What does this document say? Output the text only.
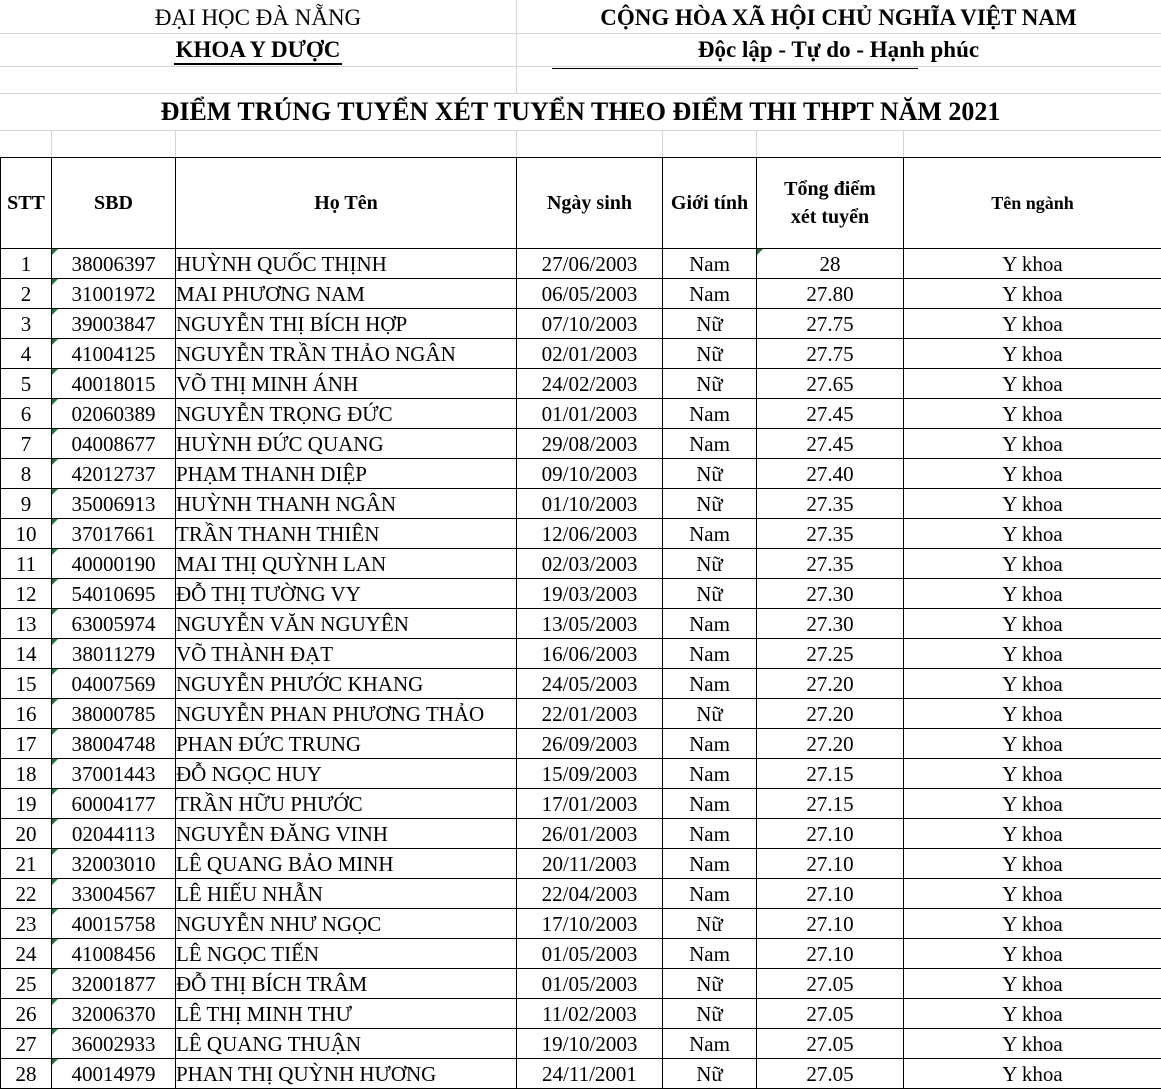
ĐẠI HỌC ĐÀ NẴNG
KHOA Y DƯỢC
CỘNG HÒA XÃ HỘI CHỦ NGHĨA VIỆT NAM
Độc lập - Tự do - Hạnh phúc
ĐIỂM TRÚNG TUYỂN XÉT TUYỂN THEO ĐIỂM THI THPT NĂM 2021
STT	SBD	Họ Tên	Ngày sinh	Giới tính	Tổng điểm
xét tuyển	Tên ngành
1	38006397	HUỲNH QUỐC THỊNH	27/06/2003	Nam	28	Y khoa
2	31001972	MAI PHƯƠNG NAM	06/05/2003	Nam	27.80	Y khoa
3	39003847	NGUYỄN THỊ BÍCH HỢP	07/10/2003	Nữ	27.75	Y khoa
4	41004125	NGUYỄN TRẦN THẢO NGÂN	02/01/2003	Nữ	27.75	Y khoa
5	40018015	VÕ THỊ MINH ÁNH	24/02/2003	Nữ	27.65	Y khoa
6	02060389	NGUYỄN TRỌNG ĐỨC	01/01/2003	Nam	27.45	Y khoa
7	04008677	HUỲNH ĐỨC QUANG	29/08/2003	Nam	27.45	Y khoa
8	42012737	PHẠM THANH DIỆP	09/10/2003	Nữ	27.40	Y khoa
9	35006913	HUỲNH THANH NGÂN	01/10/2003	Nữ	27.35	Y khoa
10	37017661	TRẦN THANH THIÊN	12/06/2003	Nam	27.35	Y khoa
11	40000190	MAI THỊ QUỲNH LAN	02/03/2003	Nữ	27.35	Y khoa
12	54010695	ĐỖ THỊ TƯỜNG VY	19/03/2003	Nữ	27.30	Y khoa
13	63005974	NGUYỄN VĂN NGUYÊN	13/05/2003	Nam	27.30	Y khoa
14	38011279	VÕ THÀNH ĐẠT	16/06/2003	Nam	27.25	Y khoa
15	04007569	NGUYỄN PHƯỚC KHANG	24/05/2003	Nam	27.20	Y khoa
16	38000785	NGUYỄN PHAN PHƯƠNG THẢO	22/01/2003	Nữ	27.20	Y khoa
17	38004748	PHAN ĐỨC TRUNG	26/09/2003	Nam	27.20	Y khoa
18	37001443	ĐỖ NGỌC HUY	15/09/2003	Nam	27.15	Y khoa
19	60004177	TRẦN HỮU PHƯỚC	17/01/2003	Nam	27.15	Y khoa
20	02044113	NGUYỄN ĐĂNG VINH	26/01/2003	Nam	27.10	Y khoa
21	32003010	LÊ QUANG BẢO MINH	20/11/2003	Nam	27.10	Y khoa
22	33004567	LÊ HIẾU NHẪN	22/04/2003	Nam	27.10	Y khoa
23	40015758	NGUYỄN NHƯ NGỌC	17/10/2003	Nữ	27.10	Y khoa
24	41008456	LÊ NGỌC TIẾN	01/05/2003	Nam	27.10	Y khoa
25	32001877	ĐỖ THỊ BÍCH TRÂM	01/05/2003	Nữ	27.05	Y khoa
26	32006370	LÊ THỊ MINH THƯ	11/02/2003	Nữ	27.05	Y khoa
27	36002933	LÊ QUANG THUẬN	19/10/2003	Nam	27.05	Y khoa
28	40014979	PHAN THỊ QUỲNH HƯƠNG	24/11/2001	Nữ	27.05	Y khoa
